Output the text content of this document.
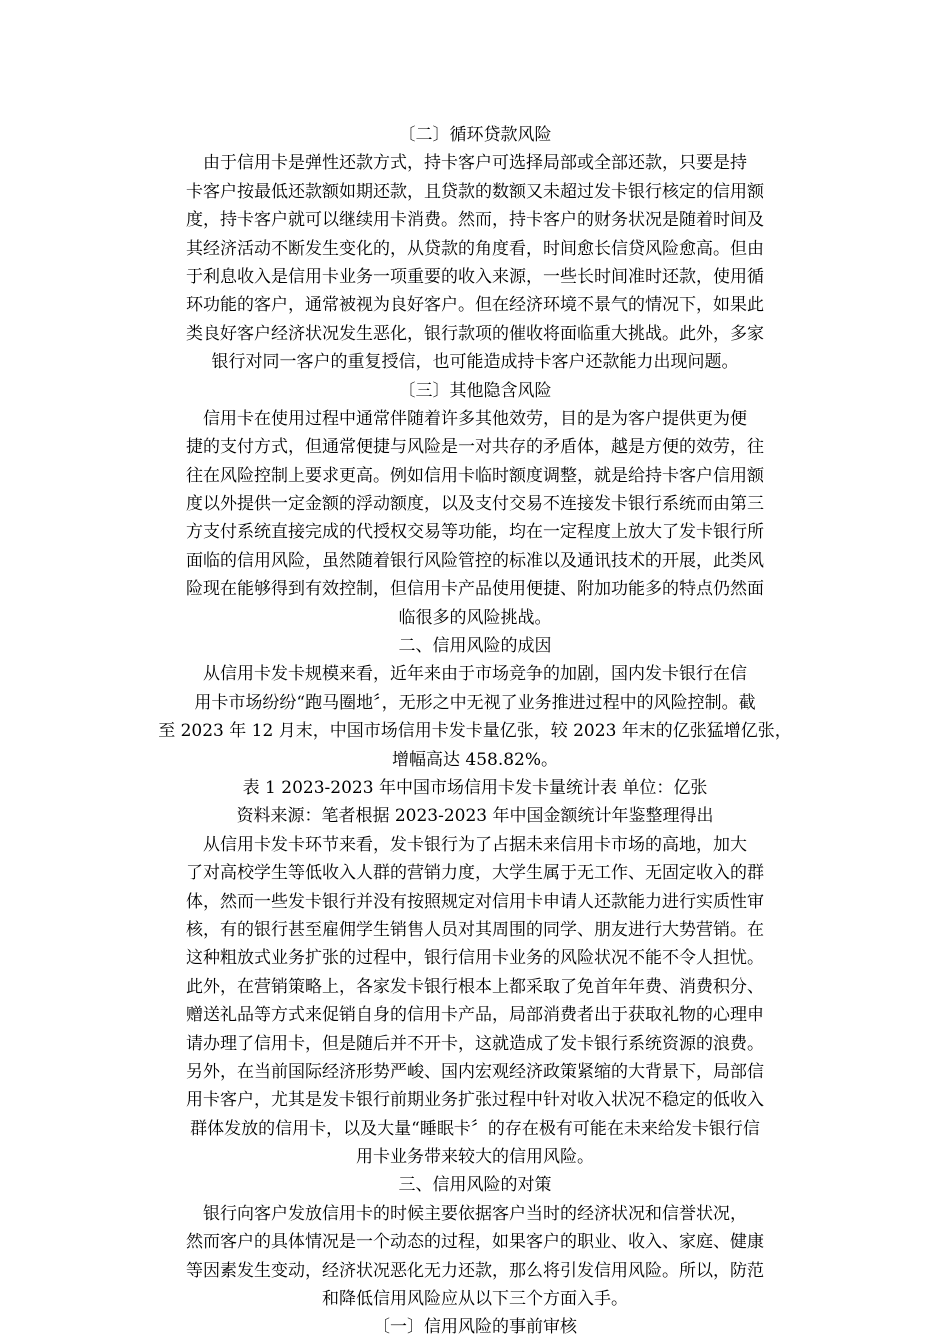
〔二〕循环贷款风险
由于信用卡是弹性还款方式，持卡客户可选择局部或全部还款，只要是持
卡客户按最低还款额如期还款，且贷款的数额又未超过发卡银行核定的信用额
度，持卡客户就可以继续用卡消费。然而，持卡客户的财务状况是随着时间及
其经济活动不断发生变化的，从贷款的角度看，时间愈长信贷风险愈高。但由
于利息收入是信用卡业务一项重要的收入来源，一些长时间准时还款，使用循
环功能的客户，通常被视为良好客户。但在经济环境不景气的情况下，如果此
类良好客户经济状况发生恶化，银行款项的催收将面临重大挑战。此外，多家
银行对同一客户的重复授信，也可能造成持卡客户还款能力出现问题。
〔三〕其他隐含风险
信用卡在使用过程中通常伴随着许多其他效劳，目的是为客户提供更为便
捷的支付方式，但通常便捷与风险是一对共存的矛盾体，越是方便的效劳，往
往在风险控制上要求更高。例如信用卡临时额度调整，就是给持卡客户信用额
度以外提供一定金额的浮动额度，以及支付交易不连接发卡银行系统而由第三
方支付系统直接完成的代授权交易等功能，均在一定程度上放大了发卡银行所
面临的信用风险，虽然随着银行风险管控的标准以及通讯技术的开展，此类风
险现在能够得到有效控制，但信用卡产品使用便捷、附加功能多的特点仍然面
临很多的风险挑战。
二、信用风险的成因
从信用卡发卡规模来看，近年来由于市场竞争的加剧，国内发卡银行在信
用卡市场纷纷“跑马圈地〞，无形之中无视了业务推进过程中的风险控制。截
至 2023 年 12 月末，中国市场信用卡发卡量亿张，较 2023 年末的亿张猛增亿张，
增幅高达 458.82%。
表 1 2023-2023 年中国市场信用卡发卡量统计表 单位：亿张
资料来源：笔者根据 2023-2023 年中国金额统计年鉴整理得出
从信用卡发卡环节来看，发卡银行为了占据未来信用卡市场的高地，加大
了对高校学生等低收入人群的营销力度，大学生属于无工作、无固定收入的群
体，然而一些发卡银行并没有按照规定对信用卡申请人还款能力进行实质性审
核，有的银行甚至雇佣学生销售人员对其周围的同学、朋友进行大势营销。在
这种粗放式业务扩张的过程中，银行信用卡业务的风险状况不能不令人担忧。
此外，在营销策略上，各家发卡银行根本上都采取了免首年年费、消费积分、
赠送礼品等方式来促销自身的信用卡产品，局部消费者出于获取礼物的心理申
请办理了信用卡，但是随后并不开卡，这就造成了发卡银行系统资源的浪费。
另外，在当前国际经济形势严峻、国内宏观经济政策紧缩的大背景下，局部信
用卡客户，尤其是发卡银行前期业务扩张过程中针对收入状况不稳定的低收入
群体发放的信用卡，以及大量“睡眠卡〞的存在极有可能在未来给发卡银行信
用卡业务带来较大的信用风险。
三、信用风险的对策
银行向客户发放信用卡的时候主要依据客户当时的经济状况和信誉状况，
然而客户的具体情况是一个动态的过程，如果客户的职业、收入、家庭、健康
等因素发生变动，经济状况恶化无力还款，那么将引发信用风险。所以，防范
和降低信用风险应从以下三个方面入手。
〔一〕信用风险的事前审核
